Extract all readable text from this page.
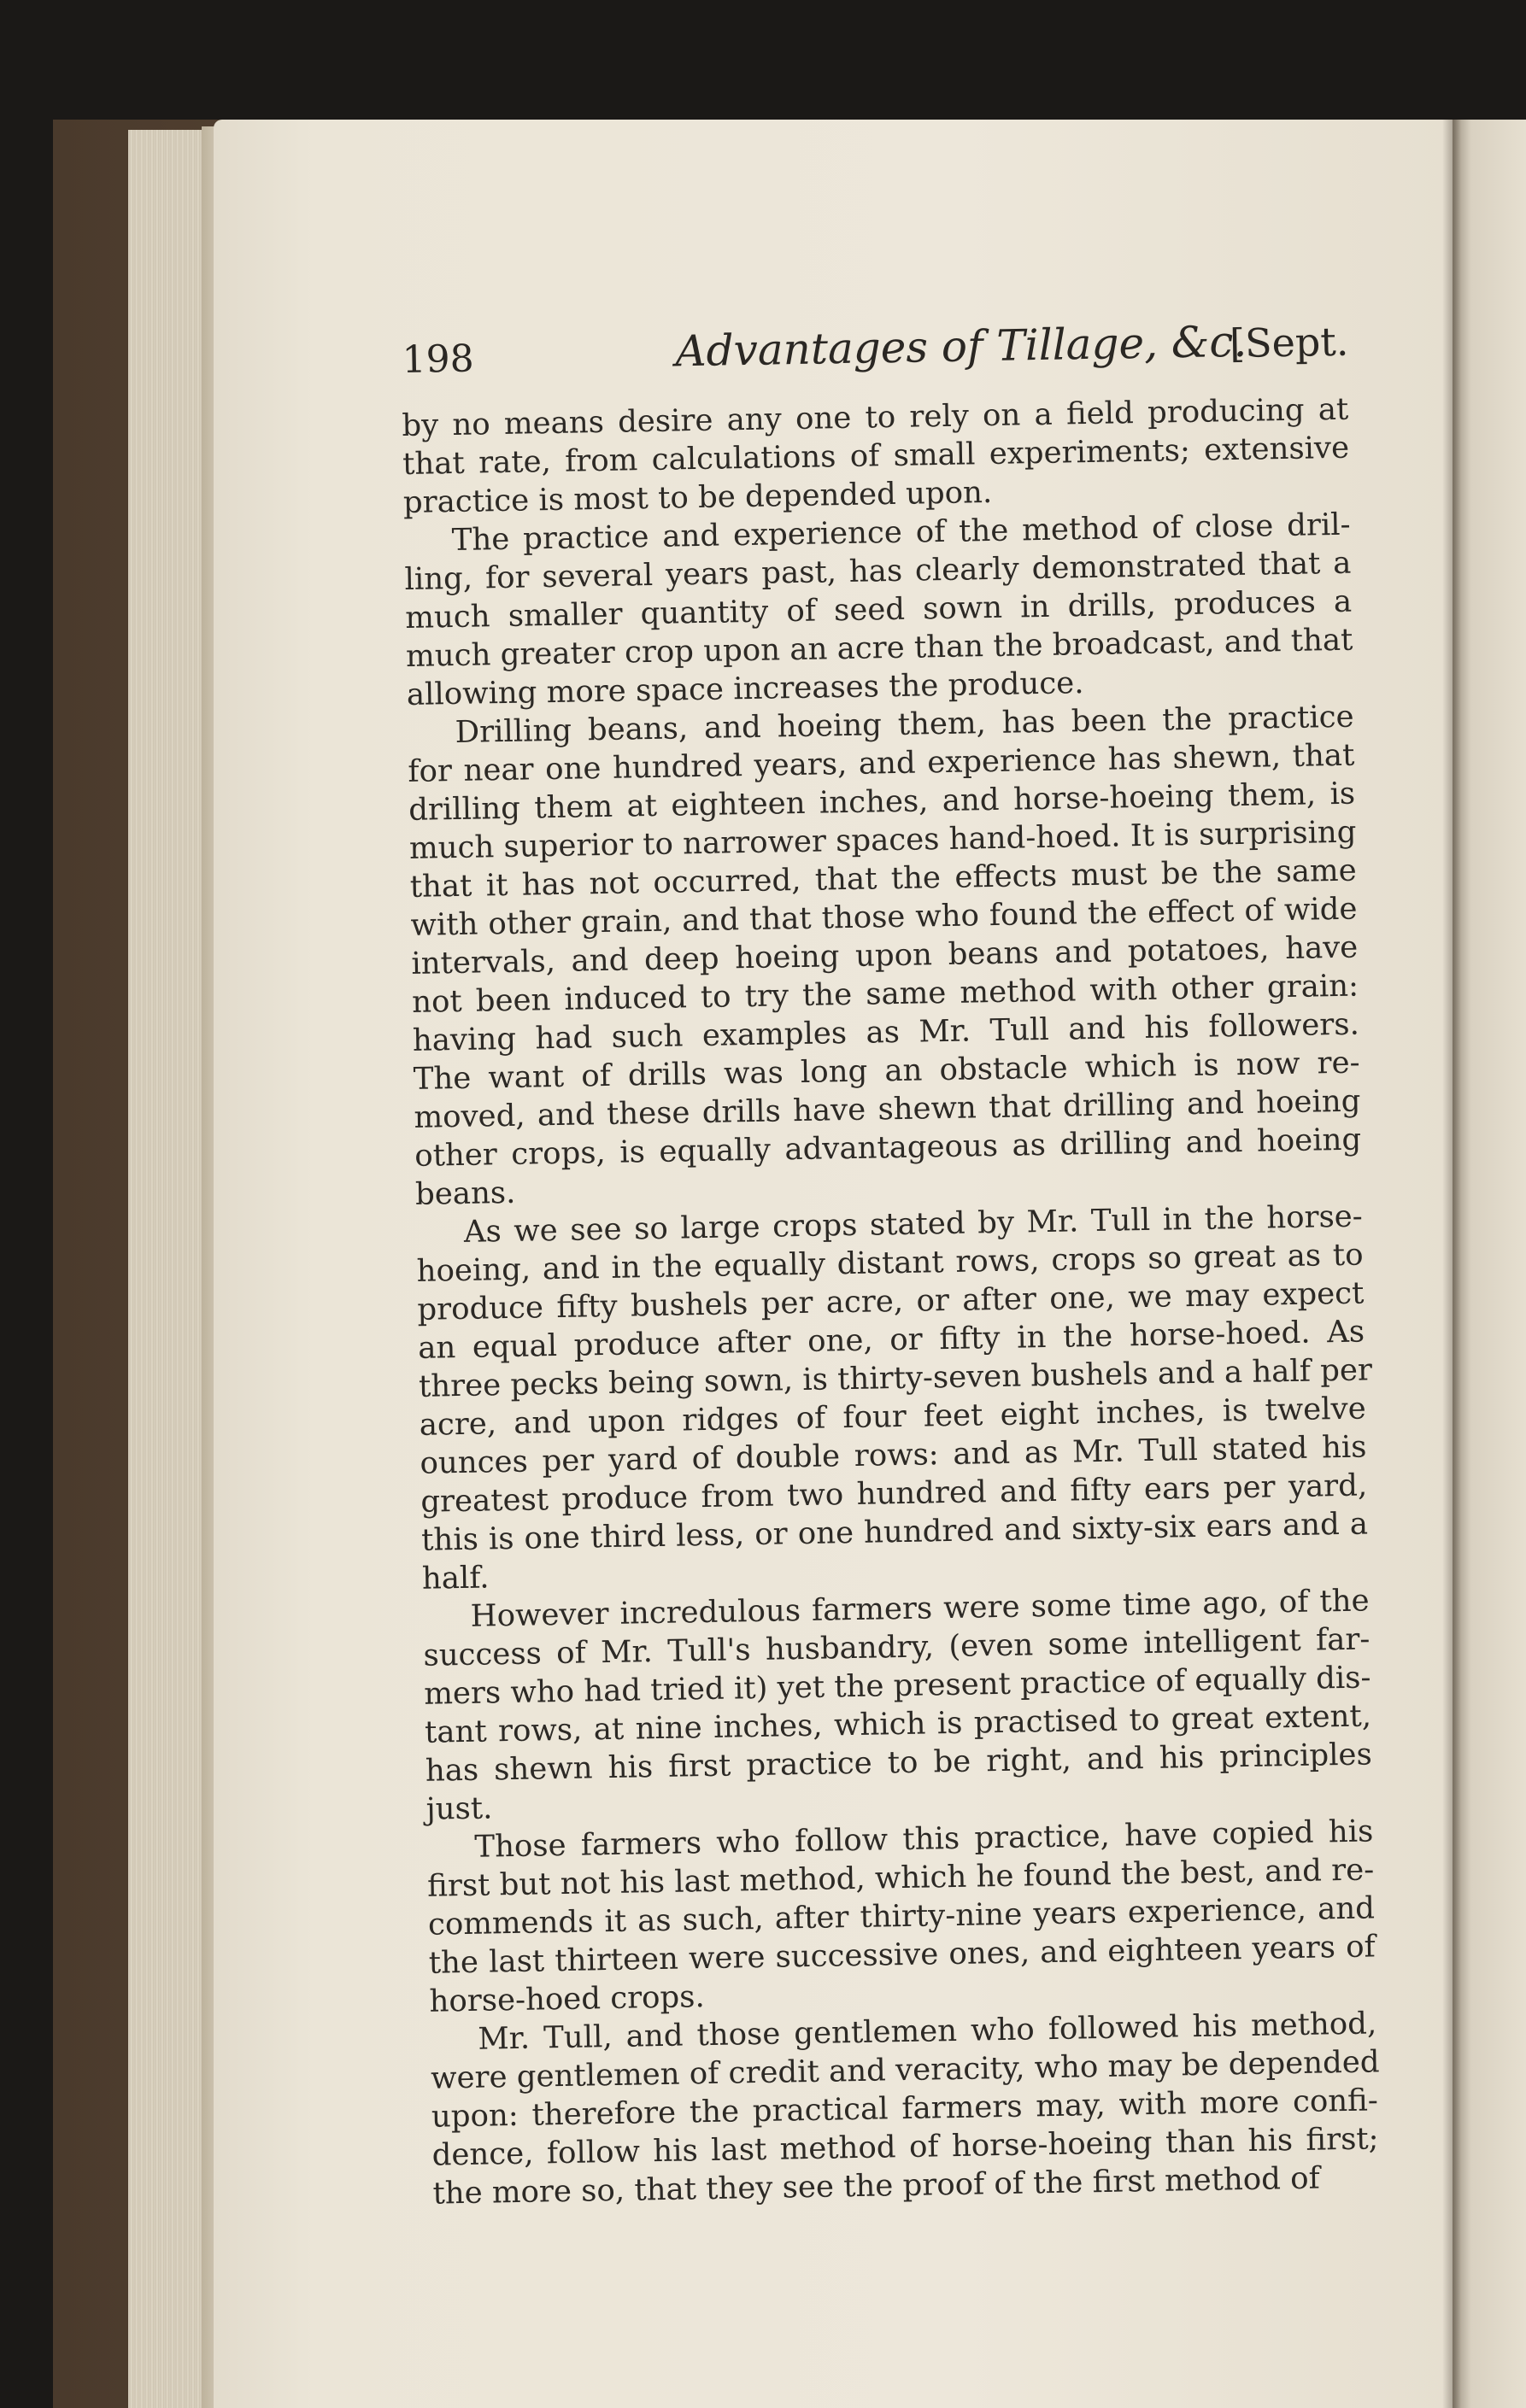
198	Advantages of Tillage, &c.
[Sept.

by no means desire any one to rely on a field producing at
that rate, from calculations of small experiments; extensive
practice is most to be depended upon.

The practice and experience of the method of close dril-
ling, for several years past, has clearly demonstrated that a
much smaller quantity of seed sown in drills, produces a
much greater crop upon an acre than the broadcast, and that
allowing more space increases the produce.

Drilling beans, and hoeing them, has been the practice
for near one hundred years, and experience has shewn, that
drilling them at eighteen inches, and horse-hoeing them, is
much superior to narrower spaces hand-hoed. It is surprising
that it has not occurred, that the effects must be the same
with other grain, and that those who found the effect of wide
intervals, and deep hoeing upon beans and potatoes, have
not been induced to try the same method with other grain:
having had such examples as Mr. Tull and his followers.
The want of drills was long an obstacle which is now re-
moved, and these drills have shewn that drilling and hoeing
other crops, is equally advantageous as drilling and hoeing
beans.

As we see so large crops stated by Mr. Tull in the horse-
hoeing, and in the equally distant rows, crops so great as to
produce fifty bushels per acre, or after one, we may expect
an equal produce after one, or fifty in the horse-hoed. As
three pecks being sown, is thirty-seven bushels and a half per
acre, and upon ridges of four feet eight inches, is twelve
ounces per yard of double rows: and as Mr. Tull stated his
greatest produce from two hundred and fifty ears per yard,
this is one third less, or one hundred and sixty-six ears and a
half.

However incredulous farmers were some time ago, of the
success of Mr. Tull's husbandry, (even some intelligent far-
mers who had tried it) yet the present practice of equally dis-
tant rows, at nine inches, which is practised to great extent,
has shewn his first practice to be right, and his principles
just.

Those farmers who follow this practice, have copied his
first but not his last method, which he found the best, and re-
commends it as such, after thirty-nine years experience, and
the last thirteen were successive ones, and eighteen years of
horse-hoed crops.

Mr. Tull, and those gentlemen who followed his method,
were gentlemen of credit and veracity, who may be depended
upon: therefore the practical farmers may, with more confi-
dence, follow his last method of horse-hoeing than his first;
the more so, that they see the proof of the first method of
